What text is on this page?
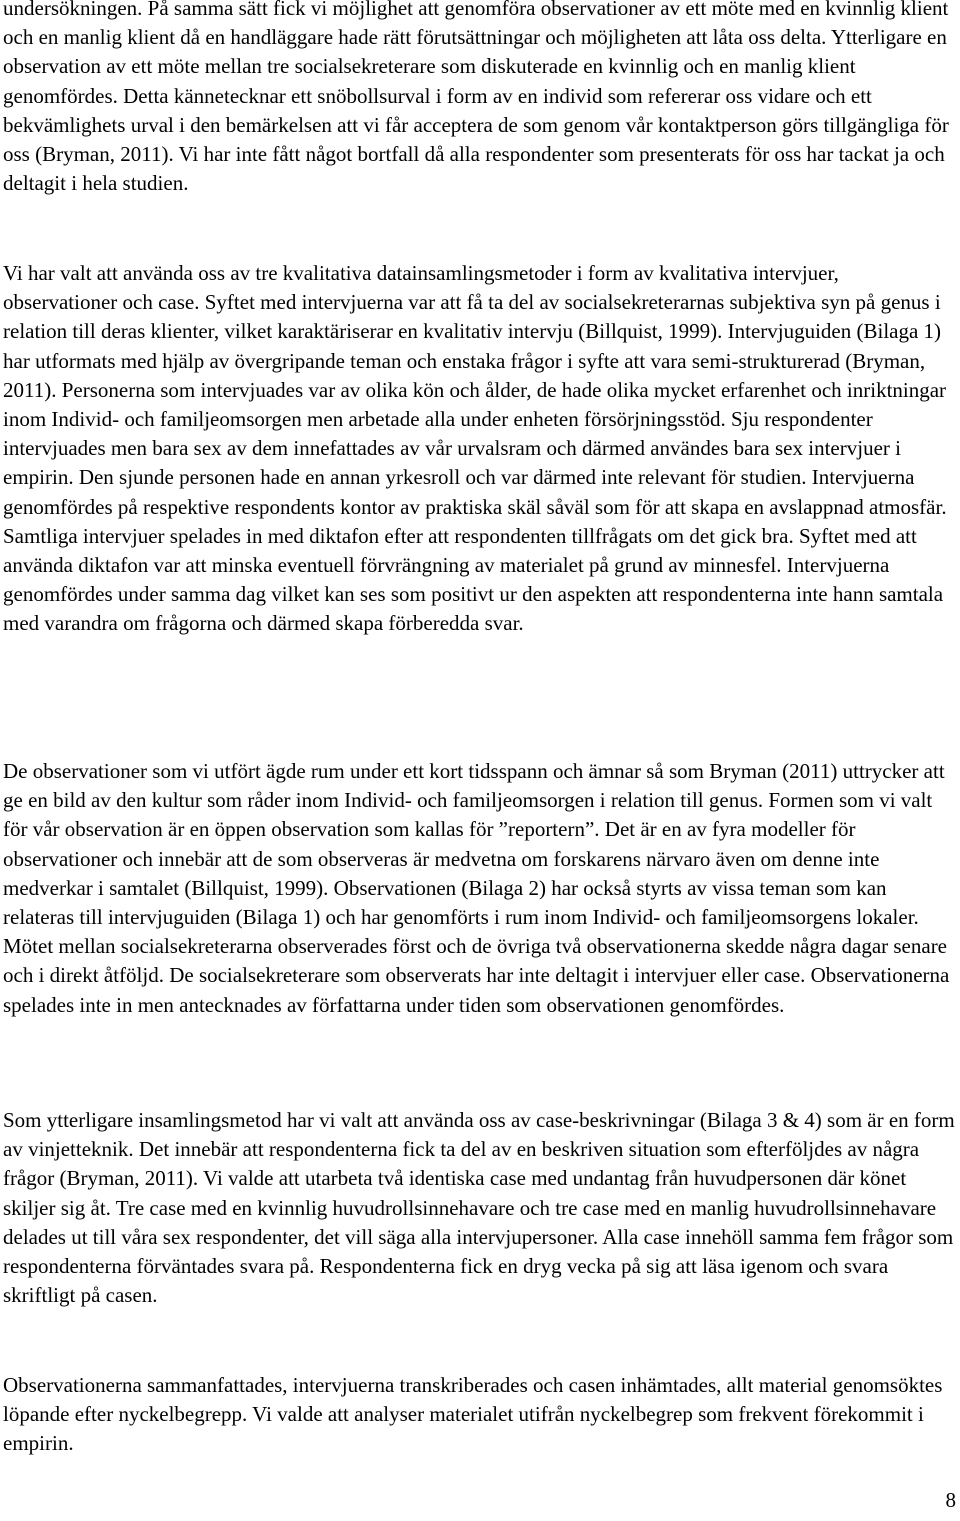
undersökningen. På samma sätt fick vi möjlighet att genomföra observationer av ett möte med en kvinnlig klient och en manlig klient då en handläggare hade rätt förutsättningar och möjligheten att låta oss delta. Ytterligare en observation av ett möte mellan tre socialsekreterare som diskuterade en kvinnlig och en manlig klient genomfördes. Detta kännetecknar ett snöbollsurval i form av en individ som refererar oss vidare och ett bekvämlighets urval i den bemärkelsen att vi får acceptera de som genom vår kontaktperson görs tillgängliga för oss (Bryman, 2011). Vi har inte fått något bortfall då alla respondenter som presenterats för oss har tackat ja och deltagit i hela studien.

Vi har valt att använda oss av tre kvalitativa datainsamlingsmetoder i form av kvalitativa intervjuer, observationer och case. Syftet med intervjuerna var att få ta del av socialsekreterarnas subjektiva syn på genus i relation till deras klienter, vilket karaktäriserar en kvalitativ intervju (Billquist, 1999). Intervjuguiden (Bilaga 1) har utformats med hjälp av övergripande teman och enstaka frågor i syfte att vara semi-strukturerad (Bryman, 2011). Personerna som intervjuades var av olika kön och ålder, de hade olika mycket erfarenhet och inriktningar inom Individ- och familjeomsorgen men arbetade alla under enheten försörjningsstöd. Sju respondenter intervjuades men bara sex av dem innefattades av vår urvalsram och därmed användes bara sex intervjuer i empirin. Den sjunde personen hade en annan yrkesroll och var därmed inte relevant för studien. Intervjuerna genomfördes på respektive respondents kontor av praktiska skäl såväl som för att skapa en avslappnad atmosfär. Samtliga intervjuer spelades in med diktafon efter att respondenten tillfrågats om det gick bra. Syftet med att använda diktafon var att minska eventuell förvrängning av materialet på grund av minnesfel. Intervjuerna genomfördes under samma dag vilket kan ses som positivt ur den aspekten att respondenterna inte hann samtala med varandra om frågorna och därmed skapa förberedda svar.

De observationer som vi utfört ägde rum under ett kort tidsspann och ämnar så som Bryman (2011) uttrycker att ge en bild av den kultur som råder inom Individ- och familjeomsorgen i relation till genus. Formen som vi valt för vår observation är en öppen observation som kallas för ”reportern”. Det är en av fyra modeller för observationer och innebär att de som observeras är medvetna om forskarens närvaro även om denne inte medverkar i samtalet (Billquist, 1999). Observationen (Bilaga 2) har också styrts av vissa teman som kan relateras till intervjuguiden (Bilaga 1) och har genomförts i rum inom Individ- och familjeomsorgens lokaler. Mötet mellan socialsekreterarna observerades först och de övriga två observationerna skedde några dagar senare och i direkt åtföljd. De socialsekreterare som observerats har inte deltagit i intervjuer eller case. Observationerna spelades inte in men antecknades av författarna under tiden som observationen genomfördes.

Som ytterligare insamlingsmetod har vi valt att använda oss av case-beskrivningar (Bilaga 3 & 4) som är en form av vinjetteknik. Det innebär att respondenterna fick ta del av en beskriven situation som efterföljdes av några frågor (Bryman, 2011). Vi valde att utarbeta två identiska case med undantag från huvudpersonen där könet skiljer sig åt. Tre case med en kvinnlig huvudrollsinnehavare och tre case med en manlig huvudrollsinnehavare delades ut till våra sex respondenter, det vill säga alla intervjupersoner. Alla case innehöll samma fem frågor som respondenterna förväntades svara på. Respondenterna fick en dryg vecka på sig att läsa igenom och svara skriftligt på casen.

Observationerna sammanfattades, intervjuerna transkriberades och casen inhämtades, allt material genomsöktes löpande efter nyckelbegrepp. Vi valde att analyser materialet utifrån nyckelbegrep som frekvent förekommit i empirin.

8
